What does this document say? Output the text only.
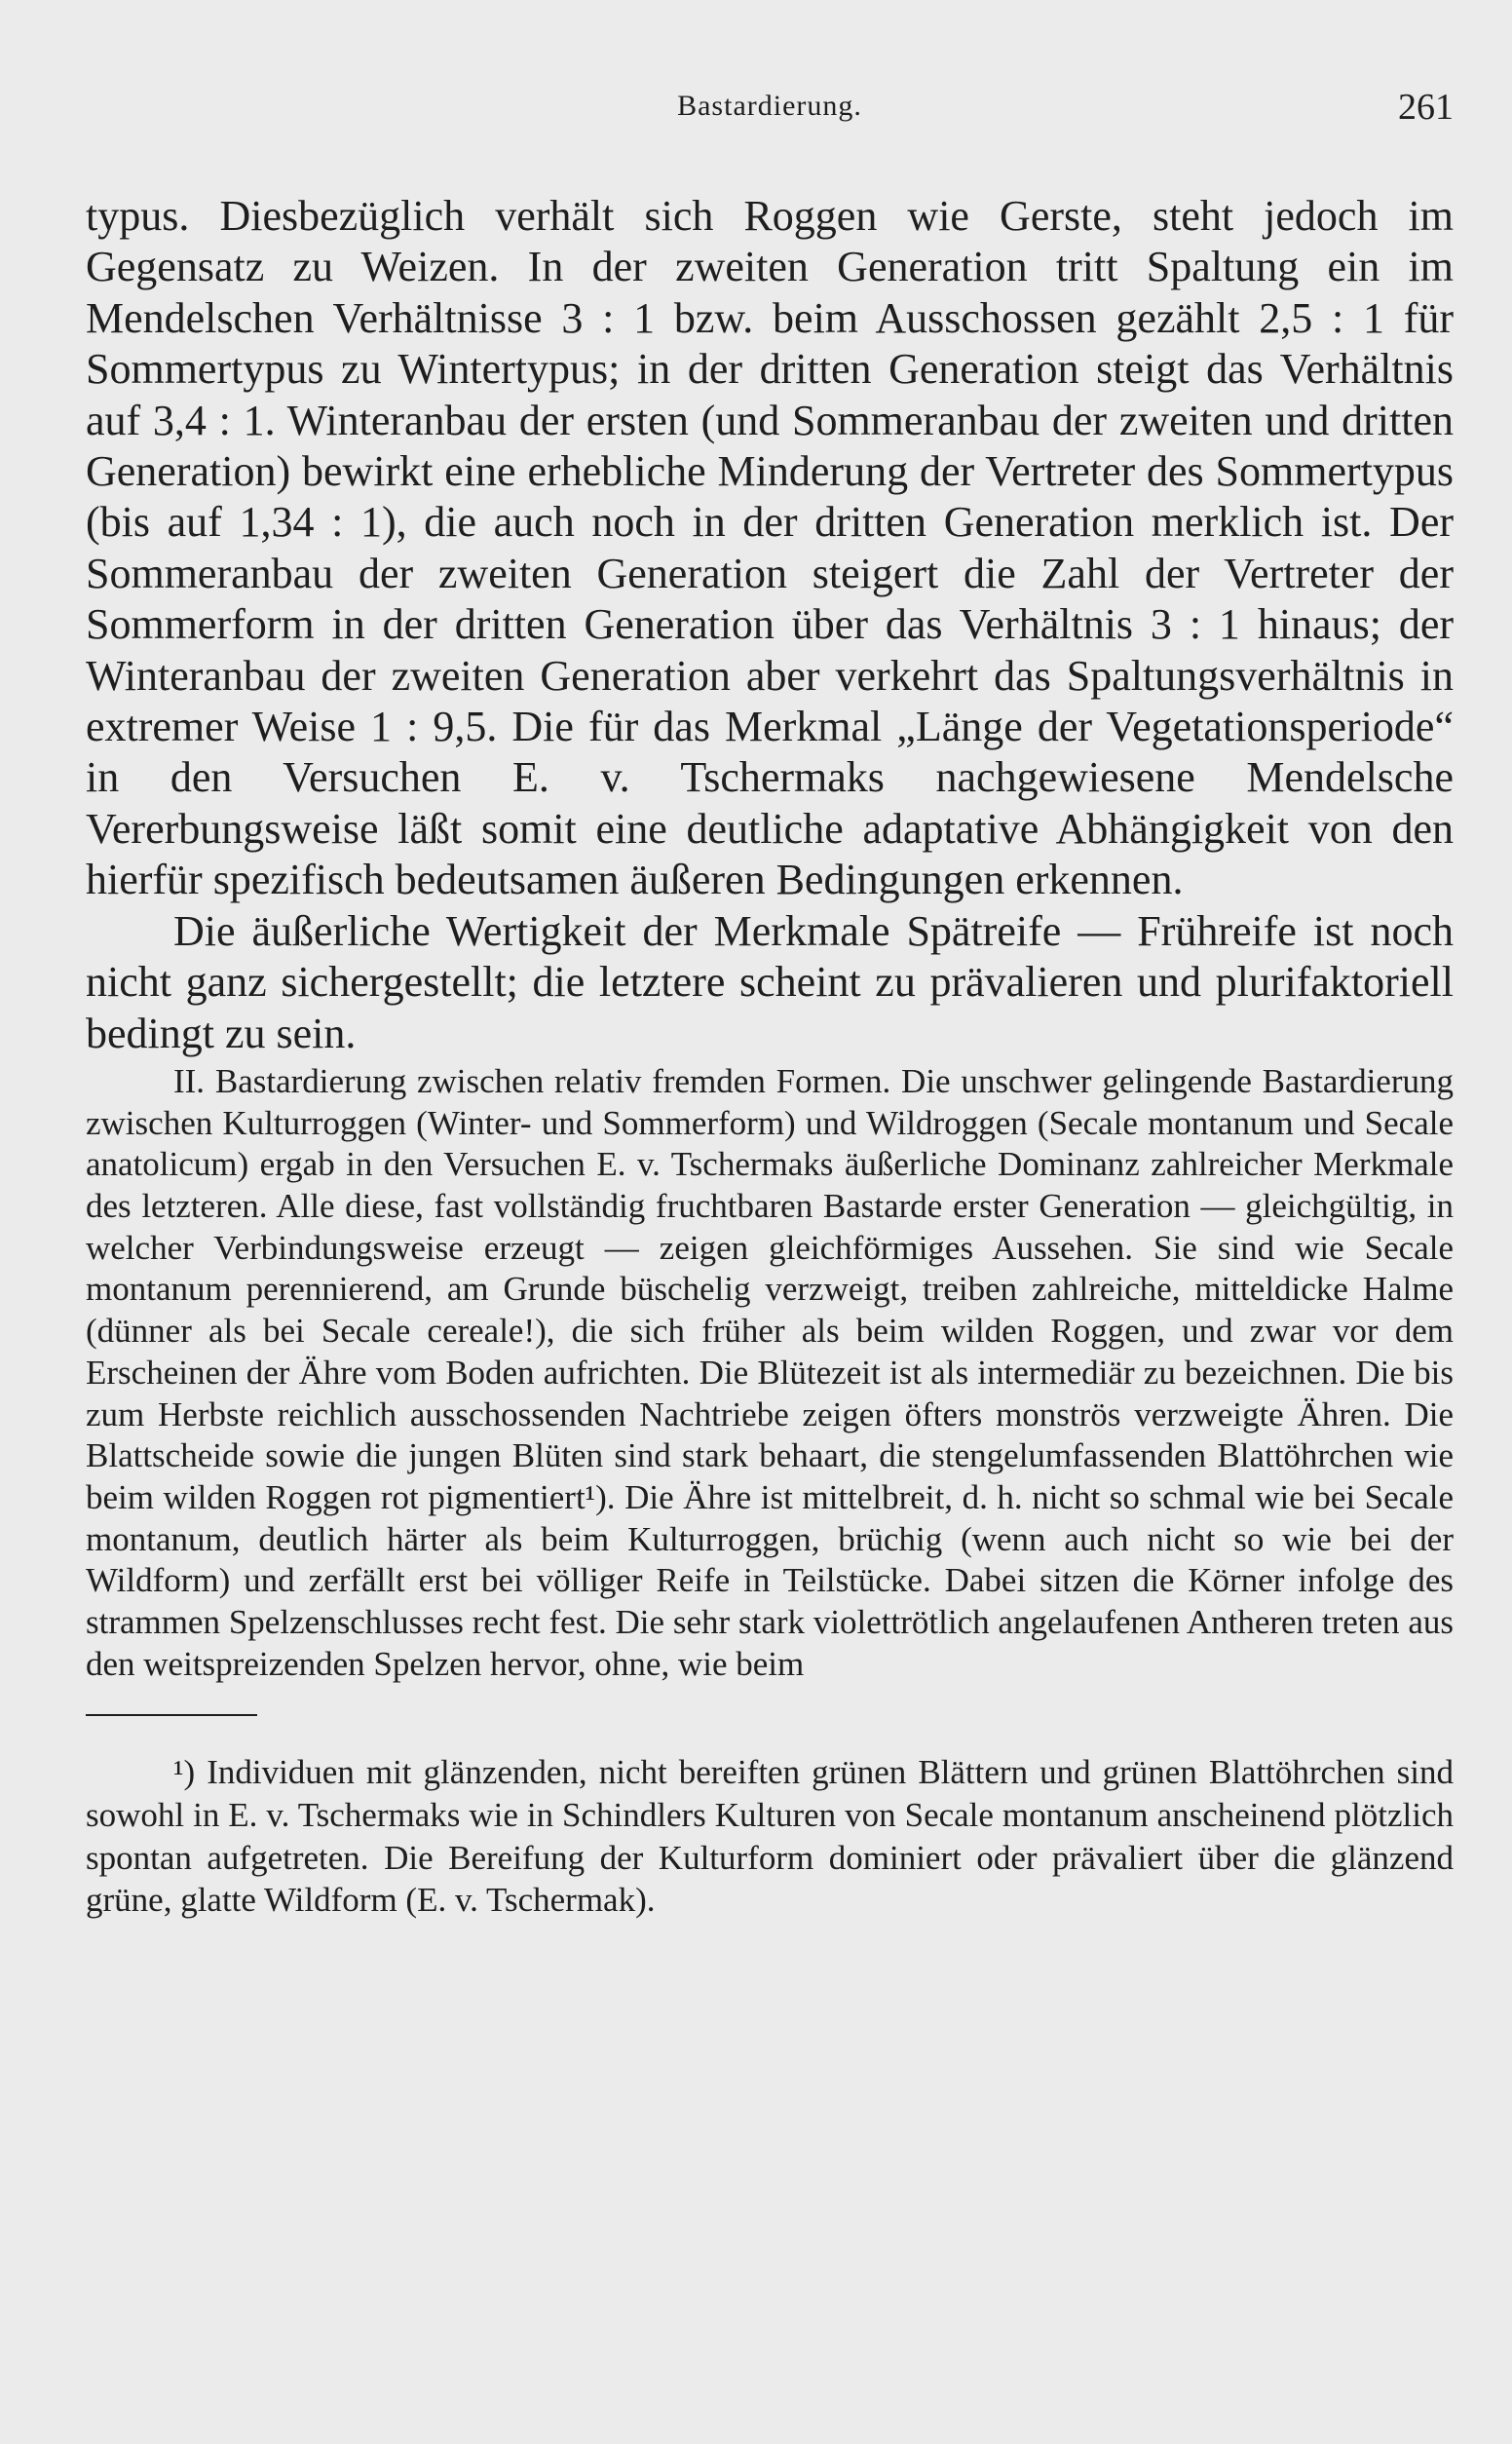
Bastardierung.	261

typus. Diesbezüglich verhält sich Roggen wie Gerste, steht jedoch im Gegensatz zu Weizen. In der zweiten Generation tritt Spaltung ein im Mendelschen Verhältnisse 3 : 1 bzw. beim Ausschossen gezählt 2,5 : 1 für Sommertypus zu Wintertypus; in der dritten Generation steigt das Verhältnis auf 3,4 : 1. Winteranbau der ersten (und Sommeranbau der zweiten und dritten Generation) bewirkt eine erhebliche Minderung der Vertreter des Sommertypus (bis auf 1,34 : 1), die auch noch in der dritten Generation merklich ist. Der Sommeranbau der zweiten Generation steigert die Zahl der Vertreter der Sommerform in der dritten Generation über das Verhältnis 3 : 1 hinaus; der Winteranbau der zweiten Generation aber verkehrt das Spaltungsverhältnis in extremer Weise 1 : 9,5. Die für das Merkmal „Länge der Vegetationsperiode“ in den Versuchen E. v. Tschermaks nachgewiesene Mendelsche Vererbungsweise läßt somit eine deutliche adaptative Abhängigkeit von den hierfür spezifisch bedeutsamen äußeren Bedingungen erkennen.

Die äußerliche Wertigkeit der Merkmale Spätreife — Frühreife ist noch nicht ganz sichergestellt; die letztere scheint zu prävalieren und plurifaktoriell bedingt zu sein.

II. Bastardierung zwischen relativ fremden Formen. Die unschwer gelingende Bastardierung zwischen Kulturroggen (Winter- und Sommerform) und Wildroggen (Secale montanum und Secale anatolicum) ergab in den Versuchen E. v. Tschermaks äußerliche Dominanz zahlreicher Merkmale des letzteren. Alle diese, fast vollständig fruchtbaren Bastarde erster Generation — gleichgültig, in welcher Verbindungsweise erzeugt — zeigen gleichförmiges Aussehen. Sie sind wie Secale montanum perennierend, am Grunde büschelig verzweigt, treiben zahlreiche, mitteldicke Halme (dünner als bei Secale cereale!), die sich früher als beim wilden Roggen, und zwar vor dem Erscheinen der Ähre vom Boden aufrichten. Die Blütezeit ist als intermediär zu bezeichnen. Die bis zum Herbste reichlich ausschossenden Nachtriebe zeigen öfters monströs verzweigte Ähren. Die Blattscheide sowie die jungen Blüten sind stark behaart, die stengelumfassenden Blattöhrchen wie beim wilden Roggen rot pigmentiert¹). Die Ähre ist mittelbreit, d. h. nicht so schmal wie bei Secale montanum, deutlich härter als beim Kulturroggen, brüchig (wenn auch nicht so wie bei der Wildform) und zerfällt erst bei völliger Reife in Teilstücke. Dabei sitzen die Körner infolge des strammen Spelzenschlusses recht fest. Die sehr stark violettrötlich angelaufenen Antheren treten aus den weitspreizenden Spelzen hervor, ohne, wie beim

¹) Individuen mit glänzenden, nicht bereiften grünen Blättern und grünen Blattöhrchen sind sowohl in E. v. Tschermaks wie in Schindlers Kulturen von Secale montanum anscheinend plötzlich spontan aufgetreten. Die Bereifung der Kulturform dominiert oder prävaliert über die glänzend grüne, glatte Wildform (E. v. Tschermak).
